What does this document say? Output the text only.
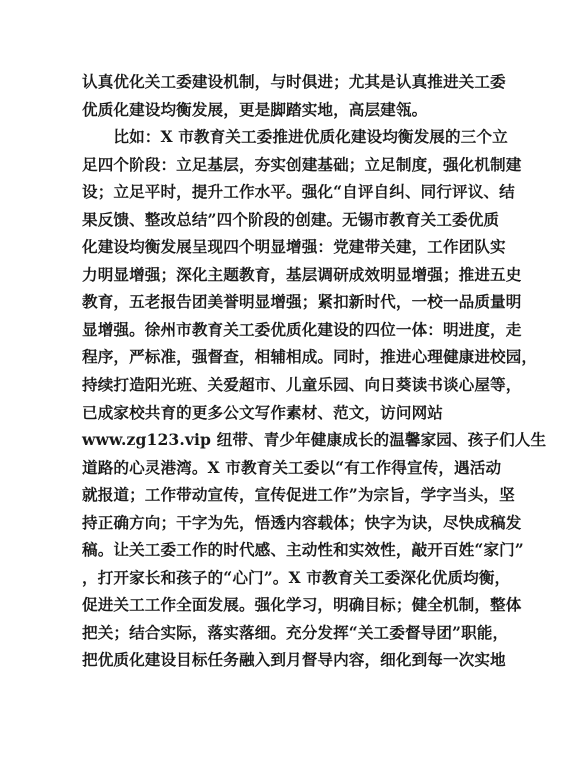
认真优化关工委建设机制，与时俱进；尤其是认真推进关工委
优质化建设均衡发展，更是脚踏实地，高层建瓴。
　　比如：X 市教育关工委推进优质化建设均衡发展的三个立
足四个阶段：立足基层，夯实创建基础；立足制度，强化机制建
设；立足平时，提升工作水平。强化“自评自纠、同行评议、结
果反馈、整改总结”四个阶段的创建。无锡市教育关工委优质
化建设均衡发展呈现四个明显增强：党建带关建，工作团队实
力明显增强；深化主题教育，基层调研成效明显增强；推进五史
教育，五老报告团美誉明显增强；紧扣新时代，一校一品质量明
显增强。徐州市教育关工委优质化建设的四位一体：明进度，走
程序，严标准，强督查，相辅相成。同时，推进心理健康进校园，
持续打造阳光班、关爱超市、儿童乐园、向日葵读书谈心屋等，
已成家校共育的更多公文写作素材、范文，访问网站
www.zg123.vip 纽带、青少年健康成长的温馨家园、孩子们人生
道路的心灵港湾。X 市教育关工委以“有工作得宣传，遇活动
就报道；工作带动宣传，宣传促进工作”为宗旨，学字当头，坚
持正确方向；干字为先，悟透内容载体；快字为诀，尽快成稿发
稿。让关工委工作的时代感、主动性和实效性，敲开百姓“家门”
，打开家长和孩子的“心门”。X 市教育关工委深化优质均衡，
促进关工工作全面发展。强化学习，明确目标；健全机制，整体
把关；结合实际，落实落细。充分发挥“关工委督导团”职能，
把优质化建设目标任务融入到月督导内容，细化到每一次实地
